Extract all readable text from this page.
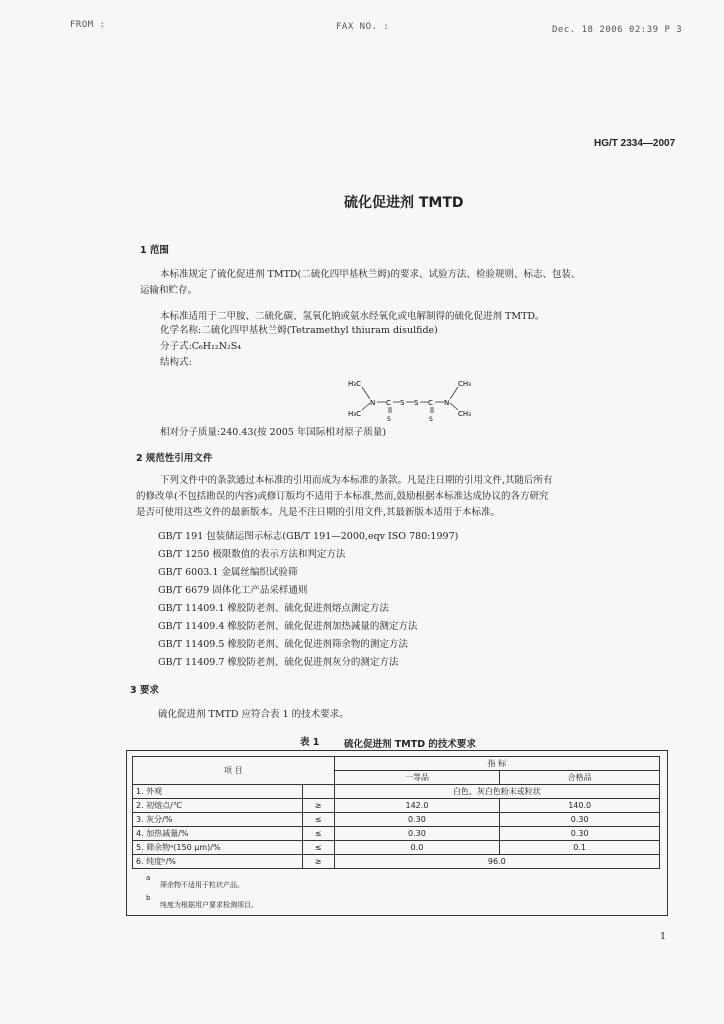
FROM :	FAX NO. :	Dec. 18 2006 02:39 P 3
HG/T 2334—2007
硫化促进剂 TMTD
1 范围
本标准规定了硫化促进剂 TMTD(二硫化四甲基秋兰姆)的要求、试验方法、检验规则、标志、包装、
运输和贮存。
本标准适用于二甲胺、二硫化碳、氢氧化钠或氨水经氧化或电解制得的硫化促进剂 TMTD。
化学名称:二硫化四甲基秋兰姆(Tetramethyl thiuram disulfide)
分子式:C₆H₁₂N₂S₄
结构式:
H₃C
H₃C
N C
S
S S C
S
N
CH₃
CH₃
相对分子质量:240.43(按 2005 年国际相对原子质量)
2 规范性引用文件
下列文件中的条款通过本标准的引用而成为本标准的条款。凡是注日期的引用文件,其随后所有
的修改单(不包括勘误的内容)或修订版均不适用于本标准,然而,鼓励根据本标准达成协议的各方研究
是否可使用这些文件的最新版本。凡是不注日期的引用文件,其最新版本适用于本标准。
GB/T 191 包装储运图示标志(GB/T 191—2000,eqv ISO 780:1997)
GB/T 1250 极限数值的表示方法和判定方法
GB/T 6003.1 金属丝编织试验筛
GB/T 6679 固体化工产品采样通则
GB/T 11409.1 橡胶防老剂、硫化促进剂熔点测定方法
GB/T 11409.4 橡胶防老剂、硫化促进剂加热减量的测定方法
GB/T 11409.5 橡胶防老剂、硫化促进剂筛余物的测定方法
GB/T 11409.7 橡胶防老剂、硫化促进剂灰分的测定方法
3 要求
硫化促进剂 TMTD 应符合表 1 的技术要求。
表 1	硫化促进剂 TMTD 的技术要求
项 目		指 标	
		一等品	合格品
1. 外观		白色、灰白色粉末或粒状	
2. 初熔点/℃	≥	142.0	140.0
3. 灰分/%	≤	0.30	0.30
4. 加热减量/%	≤	0.30	0.30
5. 筛余物ᵃ(150 μm)/%	≤	0.0	0.1
6. 纯度ᵇ/%	≥	96.0	
a
筛余物不适用于粒状产品。
b
纯度为根据用户要求检测项目。
1
